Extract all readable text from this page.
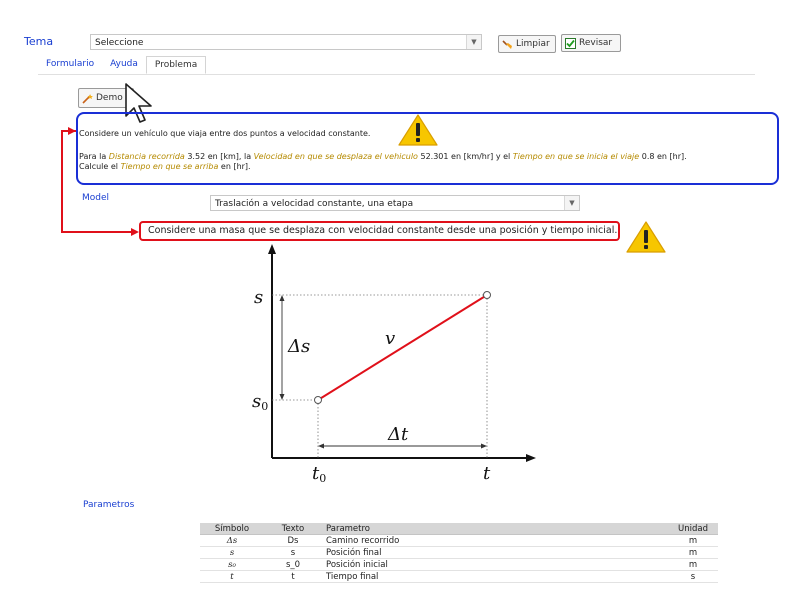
Tema	Seleccione	▼	Limpiar	Revisar
Formulario	Ayuda	Problema
Demo
Considere un vehículo que viaja entre dos puntos a velocidad constante.
Para la Distancia recorrida 3.52 en [km], la Velocidad en que se desplaza el vehiculo 52.301 en [km/hr] y el Tiempo en que se inicia el viaje 0.8 en [hr].
Calcule el Tiempo en que se arriba en [hr].
Model
Traslación a velocidad constante, una etapa	▼
Considere una masa que se desplaza con velocidad constante desde una posición y tiempo inicial.
s
s0
Δs	v
Δt
t0	t
Parametros
Símbolo	Texto	Parametro	Unidad
Δs	Ds	Camino recorrido	m
s	s	Posición final	m
s₀	s_0	Posición inicial	m
t	t	Tiempo final	s
